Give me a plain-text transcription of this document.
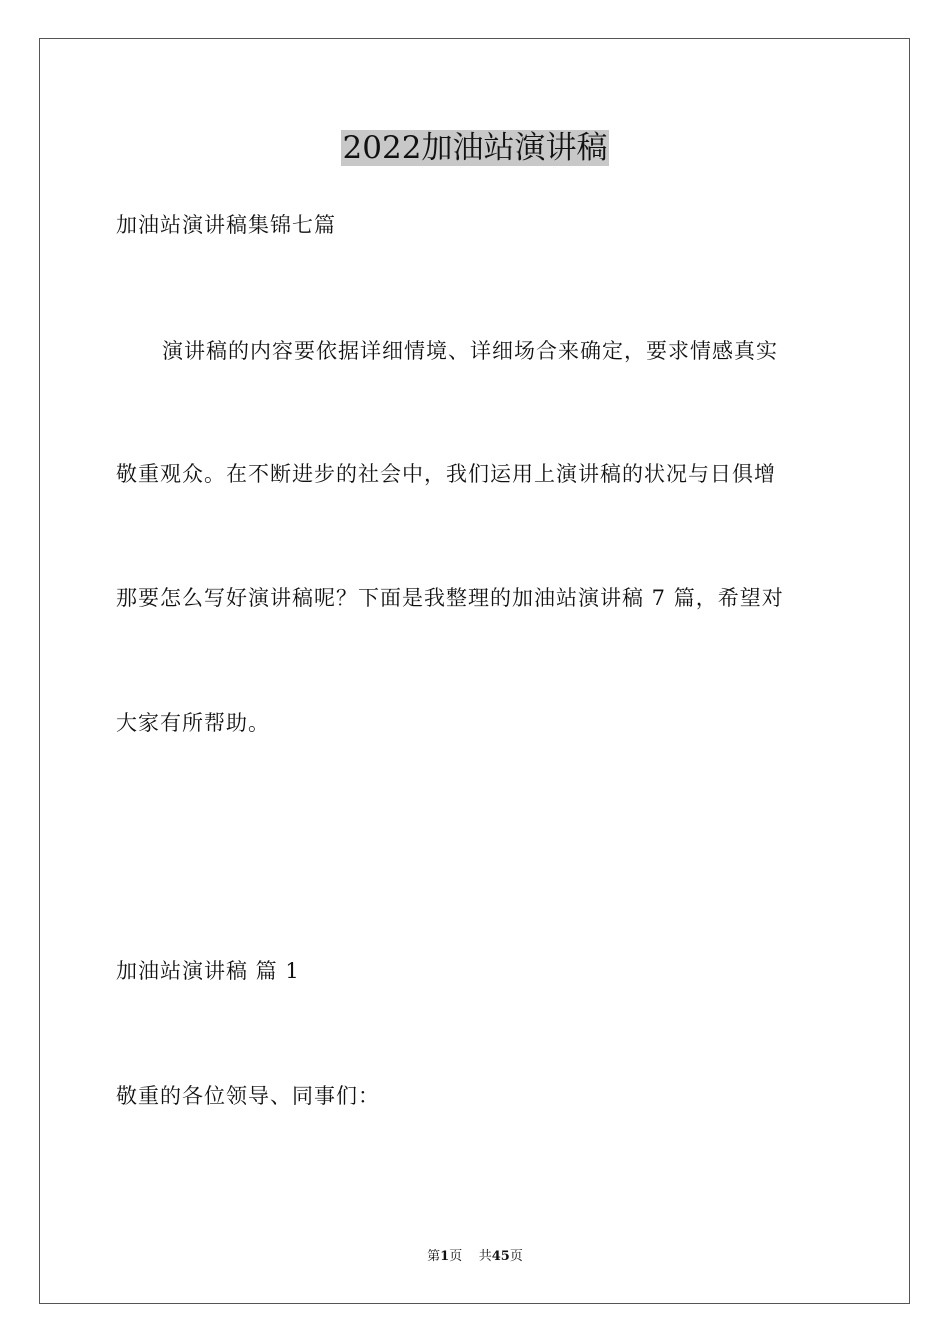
2022加油站演讲稿
加油站演讲稿集锦七篇
演讲稿的内容要依据详细情境、详细场合来确定，要求情感真实
敬重观众。在不断进步的社会中，我们运用上演讲稿的状况与日俱增
那要怎么写好演讲稿呢？下面是我整理的加油站演讲稿 7 篇，希望对
大家有所帮助。
加油站演讲稿 篇 1
敬重的各位领导、同事们：
第1页    共45页
